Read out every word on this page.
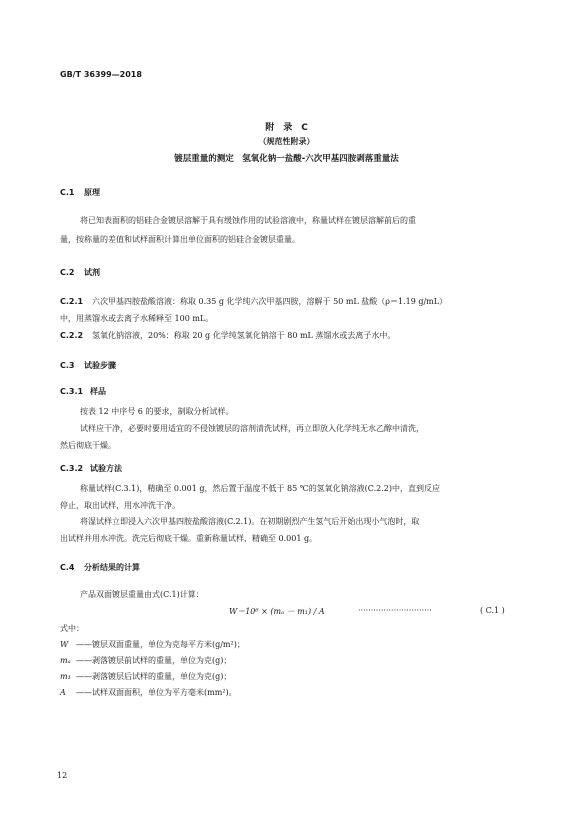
GB/T 36399—2018
附　录　C
（规范性附录）
镀层重量的测定　氢氧化钠一盐酸-六次甲基四胺剥落重量法
C.1 原理
将已知表面积的铝硅合金镀层溶解于具有缓蚀作用的试验溶液中，称量试样在镀层溶解前后的重
量，按称量的差值和试样面积计算出单位面积的铝硅合金镀层重量。
C.2 试剂
C.2.1 六次甲基四胺盐酸溶液：称取 0.35 g 化学纯六次甲基四胺，溶解于 50 mL 盐酸（ρ＝1.19 g/mL）
中，用蒸馏水或去离子水稀释至 100 mL。
C.2.2 氢氧化钠溶液，20%：称取 20 g 化学纯氢氧化钠溶于 80 mL 蒸馏水或去离子水中。
C.3 试验步骤
C.3.1 样品
按表 12 中序号 6 的要求，制取分析试样。
试样应干净，必要时要用适宜的不侵蚀镀层的溶剂清洗试样，再立即放入化学纯无水乙醇中清洗，
然后彻底干燥。
C.3.2 试验方法
称量试样(C.3.1)，精确至 0.001 g，然后置于温度不低于 85 ℃的氢氧化钠溶液(C.2.2)中，直到反应
停止，取出试样，用水冲洗干净。
将湿试样立即浸入六次甲基四胺盐酸溶液(C.2.1)。在初期剧烈产生氢气后开始出现小气泡时，取
出试样并用水冲洗。洗完后彻底干燥。重新称量试样，精确至 0.001 g。
C.4 分析结果的计算
产品双面镀层重量由式(C.1)计算：
W＝10⁶ × (mₐ － m₁) / A	·····························	( C.1 )
式中：
W ——镀层双面重量，单位为克每平方米(g/m²)；
mₐ ——剥落镀层前试样的重量，单位为克(g)；
m₁ ——剥落镀层后试样的重量，单位为克(g)；
A ——试样双面面积，单位为平方毫米(mm²)。
12
